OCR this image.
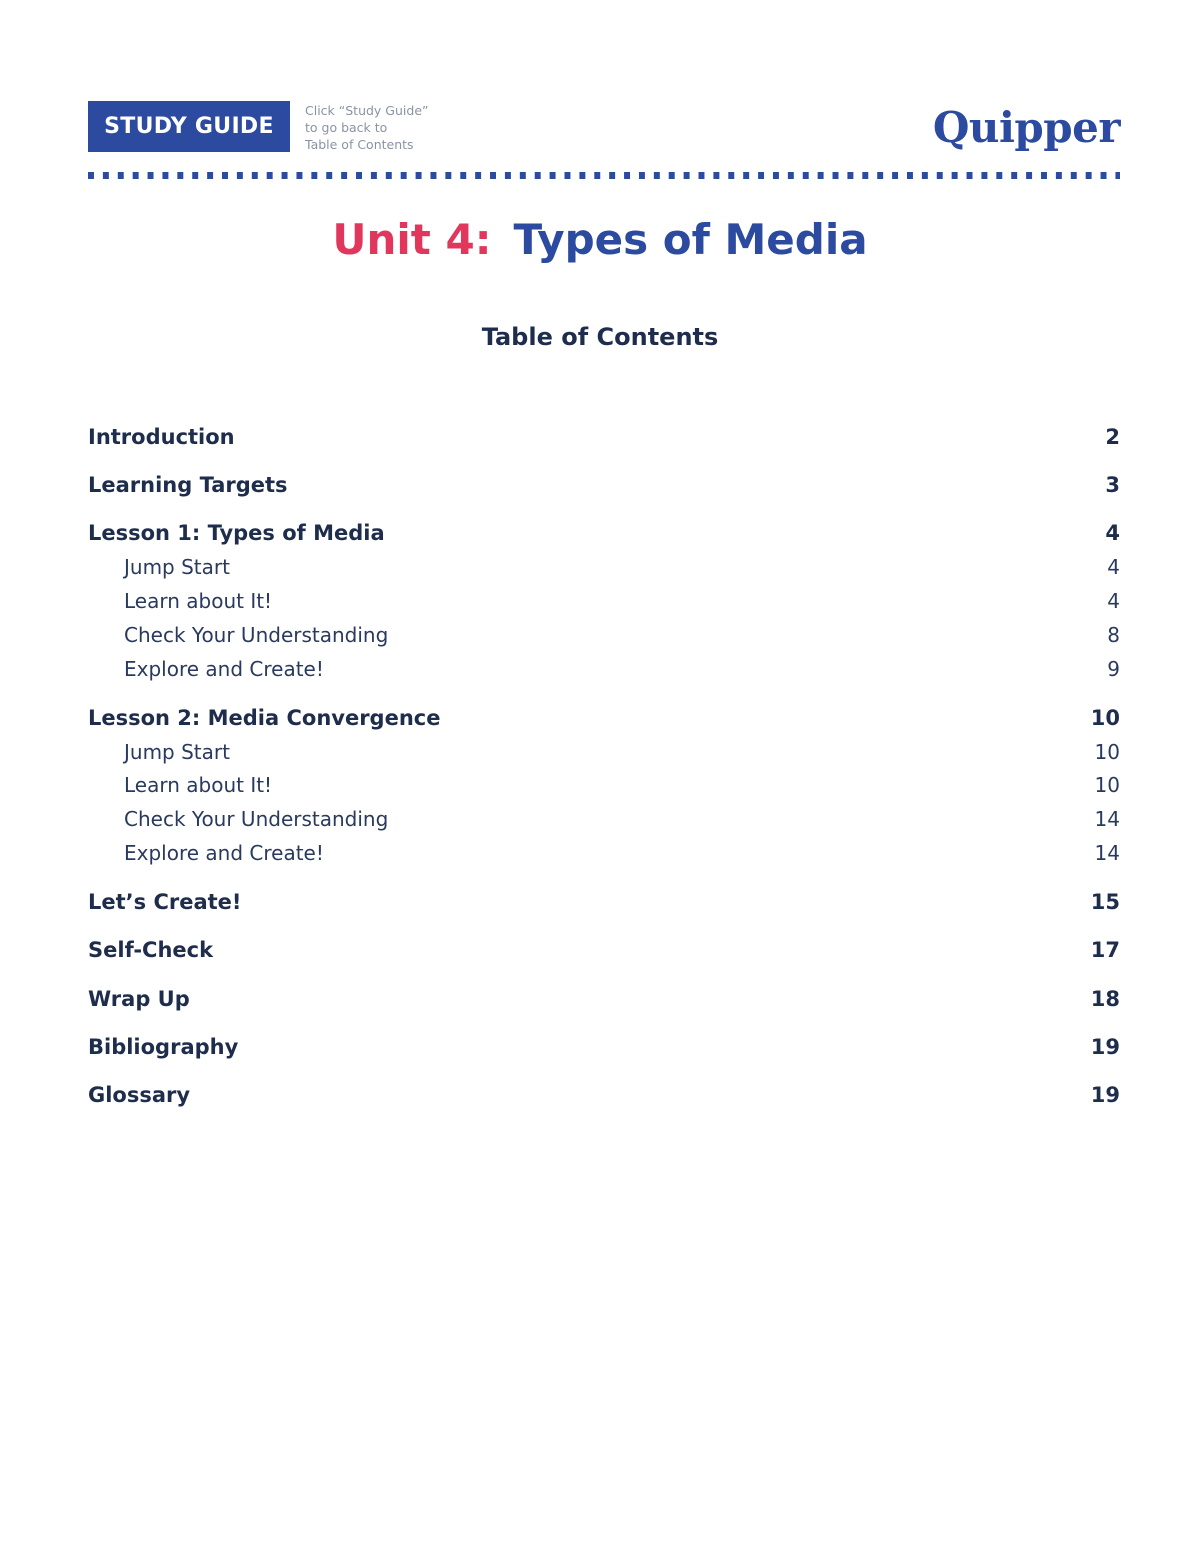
STUDY GUIDE
Click “Study Guide”
to go back to
Table of Contents	Quipper
Unit 4: Types of Media
Table of Contents
Introduction	2
Learning Targets	3
Lesson 1: Types of Media	4
Jump Start	4
Learn about It!	4
Check Your Understanding	8
Explore and Create!	9
Lesson 2: Media Convergence	10
Jump Start	10
Learn about It!	10
Check Your Understanding	14
Explore and Create!	14
Let’s Create!	15
Self-Check	17
Wrap Up	18
Bibliography	19
Glossary	19
